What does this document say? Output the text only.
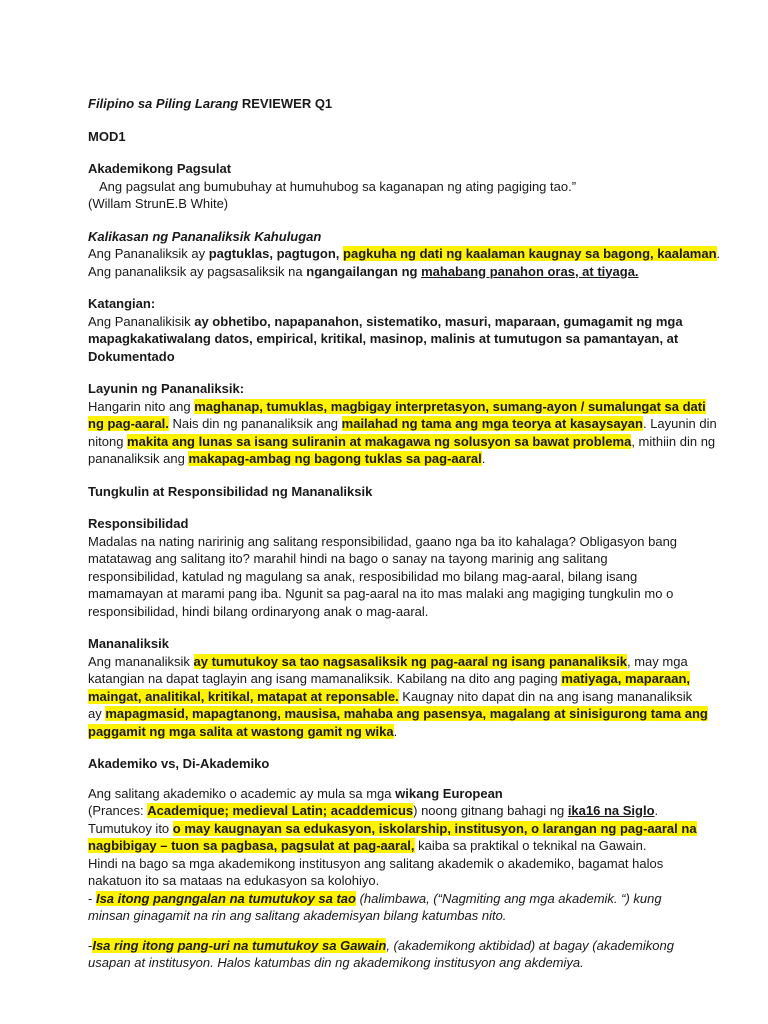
Filipino sa Piling Larang REVIEWER Q1

MOD1

Akademikong Pagsulat

Ang pagsulat ang bumubuhay at humuhubog sa kaganapan ng ating pagiging tao.”

(Willam StrunE.B White)

Kalikasan ng Pananaliksik Kahulugan

Ang Pananaliksik ay pagtuklas, pagtugon, pagkuha ng dati ng kaalaman kaugnay sa bagong, kaalaman.

Ang pananaliksik ay pagsasaliksik na ngangailangan ng mahabang panahon oras, at tiyaga.

Katangian:

Ang Pananalikisik ay obhetibo, napapanahon, sistematiko, masuri, maparaan, gumagamit ng mga

mapagkakatiwalang datos, empirical, kritikal, masinop, malinis at tumutugon sa pamantayan, at

Dokumentado

Layunin ng Pananaliksik:

Hangarin nito ang maghanap, tumuklas, magbigay interpretasyon, sumang-ayon / sumalungat sa dati

ng pag-aaral. Nais din ng pananaliksik ang mailahad ng tama ang mga teorya at kasaysayan. Layunin din

nitong makita ang lunas sa isang suliranin at makagawa ng solusyon sa bawat problema, mithiin din ng

pananaliksik ang makapag-ambag ng bagong tuklas sa pag-aaral.

Tungkulin at Responsibilidad ng Mananaliksik

Responsibilidad

Madalas na nating naririnig ang salitang responsibilidad, gaano nga ba ito kahalaga? Obligasyon bang

matatawag ang salitang ito? marahil hindi na bago o sanay na tayong marinig ang salitang

responsibilidad, katulad ng magulang sa anak, resposibilidad mo bilang mag-aaral, bilang isang

mamamayan at marami pang iba. Ngunit sa pag-aaral na ito mas malaki ang magiging tungkulin mo o

responsibilidad, hindi bilang ordinaryong anak o mag-aaral.

Mananaliksik

Ang mananaliksik ay tumutukoy sa tao nagsasaliksik ng pag-aaral ng isang pananaliksik, may mga

katangian na dapat taglayin ang isang mamanaliksik. Kabilang na dito ang paging matiyaga, maparaan,

maingat, analitikal, kritikal, matapat at reponsable. Kaugnay nito dapat din na ang isang mananaliksik

ay mapagmasid, mapagtanong, mausisa, mahaba ang pasensya, magalang at sinisigurong tama ang

paggamit ng mga salita at wastong gamit ng wika.

Akademiko vs, Di-Akademiko

Ang salitang akademiko o academic ay mula sa mga wikang European

(Prances: Academique; medieval Latin; acaddemicus) noong gitnang bahagi ng ika16 na Siglo.

Tumutukoy ito o may kaugnayan sa edukasyon, iskolarship, institusyon, o larangan ng pag-aaral na

nagbibigay – tuon sa pagbasa, pagsulat at pag-aaral, kaiba sa praktikal o teknikal na Gawain.

Hindi na bago sa mga akademikong institusyon ang salitang akademik o akademiko, bagamat halos

nakatuon ito sa mataas na edukasyon sa kolohiyo.

- Isa itong pangngalan na tumutukoy sa tao (halimbawa, (“Nagmiting ang mga akademik. “) kung

minsan ginagamit na rin ang salitang akademisyan bilang katumbas nito.

-Isa ring itong pang-uri na tumutukoy sa Gawain, (akademikong aktibidad) at bagay (akademikong

usapan at institusyon. Halos katumbas din ng akademikong institusyon ang akdemiya.
